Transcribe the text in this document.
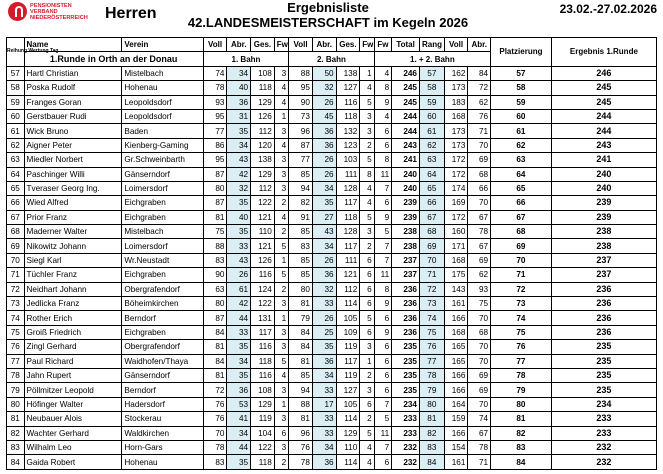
PENSIONISTEN
VERBAND
NIEDERÖSTERREICH Herren	Ergebnisliste
42.LANDESMEISTERSCHAFT im Kegeln 2026
23.02.-27.02.2026
Reihung Wertung Tag	Name	Verein	Voll	Abr.	Ges.	Fw	Voll	Abr.	Ges.	Fw	Fw	Total	Rang	Voll	Abr.	Platzierung	Ergebnis 1.Runde
	1.Runde in Orth an der Donau		1. Bahn				2. Bahn				1. + 2. Bahn						
57	Hartl Christian	Mistelbach	74	34	108	3	88	50	138	1	4	246	57	162	84	57	246
58	Poska Rudolf	Hohenau	78	40	118	4	95	32	127	4	8	245	58	173	72	58	245
59	Franges Goran	Leopoldsdorf	93	36	129	4	90	26	116	5	9	245	59	183	62	59	245
60	Gerstbauer Rudi	Leopoldsdorf	95	31	126	1	73	45	118	3	4	244	60	168	76	60	244
61	Wick Bruno	Baden	77	35	112	3	96	36	132	3	6	244	61	173	71	61	244
62	Aigner Peter	Kienberg-Gaming	86	34	120	4	87	36	123	2	6	243	62	173	70	62	243
63	Miedler Norbert	Gr.Schweinbarth	95	43	138	3	77	26	103	5	8	241	63	172	69	63	241
64	Paschinger Willi	Gänserndorf	87	42	129	3	85	26	111	8	11	240	64	172	68	64	240
65	Tveraser Georg Ing.	Loimersdorf	80	32	112	3	94	34	128	4	7	240	65	174	66	65	240
66	Wied Alfred	Eichgraben	87	35	122	2	82	35	117	4	6	239	66	169	70	66	239
67	Prior Franz	Eichgraben	81	40	121	4	91	27	118	5	9	239	67	172	67	67	239
68	Maderner Walter	Mistelbach	75	35	110	2	85	43	128	3	5	238	68	160	78	68	238
69	Nikowitz Johann	Loimersdorf	88	33	121	5	83	34	117	2	7	238	69	171	67	69	238
70	Siegl Karl	Wr.Neustadt	83	43	126	1	85	26	111	6	7	237	70	168	69	70	237
71	Tüchler Franz	Eichgraben	90	26	116	5	85	36	121	6	11	237	71	175	62	71	237
72	Neidhart Johann	Obergrafendorf	63	61	124	2	80	32	112	6	8	236	72	143	93	72	236
73	Jedlicka Franz	Böheimkirchen	80	42	122	3	81	33	114	6	9	236	73	161	75	73	236
74	Rother Erich	Berndorf	87	44	131	1	79	26	105	5	6	236	74	166	70	74	236
75	Groiß Friedrich	Eichgraben	84	33	117	3	84	25	109	6	9	236	75	168	68	75	236
76	Zingl Gerhard	Obergrafendorf	81	35	116	3	84	35	119	3	6	235	76	165	70	76	235
77	Paul Richard	Waidhofen/Thaya	84	34	118	5	81	36	117	1	6	235	77	165	70	77	235
78	Jahn Rupert	Gänserndorf	81	35	116	4	85	34	119	2	6	235	78	166	69	78	235
79	Pöllmitzer Leopold	Berndorf	72	36	108	3	94	33	127	3	6	235	79	166	69	79	235
80	Höfinger Walter	Hadersdorf	76	53	129	1	88	17	105	6	7	234	80	164	70	80	234
81	Neubauer Alois	Stockerau	76	41	119	3	81	33	114	2	5	233	81	159	74	81	233
82	Wachter Gerhard	Waldkirchen	70	34	104	6	96	33	129	5	11	233	82	166	67	82	233
83	Wilhalm Leo	Horn-Gars	78	44	122	3	76	34	110	4	7	232	83	154	78	83	232
84	Gaida Robert	Hohenau	83	35	118	2	78	36	114	4	6	232	84	161	71	84	232
